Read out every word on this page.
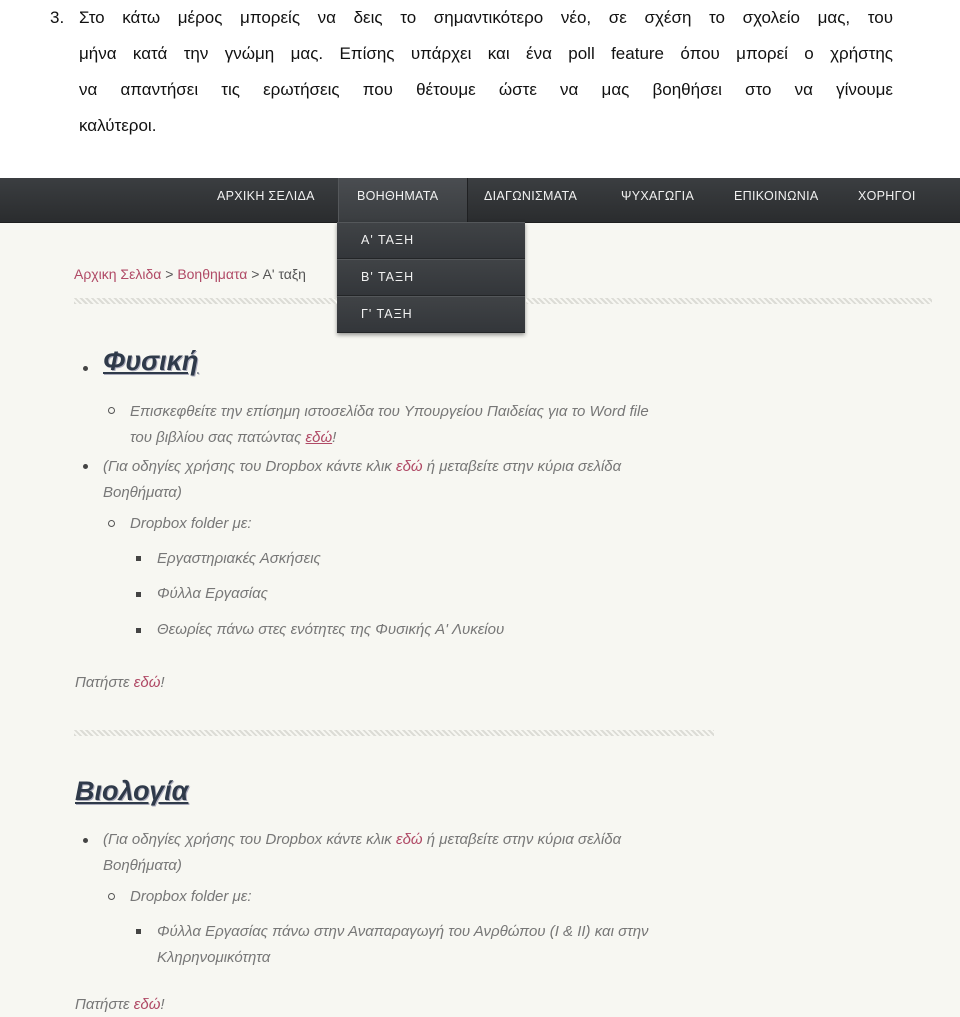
3. Στο κάτω μέρος μπορείς να δεις το σημαντικότερο νέο, σε σχέση το σχολείο μας, του
μήνα κατά την γνώμη μας. Επίσης υπάρχει και ένα poll feature όπου μπορεί ο χρήστης
να απαντήσει τις ερωτήσεις που θέτουμε ώστε να μας βοηθήσει στο να γίνουμε
καλύτεροι.
ΑΡΧΙΚΗ ΣΕΛΙΔΑ	ΒΟΗΘΗΜΑΤΑ	ΔΙΑΓΩΝΙΣΜΑΤΑ	ΨΥΧΑΓΩΓΙΑ	ΕΠΙΚΟΙΝΩΝΙΑ	ΧΟΡΗΓΟΙ
Α' ΤΑΞΗ
Β' ΤΑΞΗ
Γ' ΤΑΞΗ
Αρχικη Σελιδα > Βοηθηματα > Α' ταξη
Φυσική
Επισκεφθείτε την επίσημη ιστοσελίδα του Υπουργείου Παιδείας για το Word file
του βιβλίου σας πατώντας εδώ!
(Για οδηγίες χρήσης του Dropbox κάντε κλικ εδώ ή μεταβείτε στην κύρια σελίδα
Βοηθήματα)
Dropbox folder με:
Εργαστηριακές Ασκήσεις
Φύλλα Εργασίας
Θεωρίες πάνω στες ενότητες της Φυσικής Α' Λυκείου
Πατήστε εδώ!
Βιολογία
(Για οδηγίες χρήσης του Dropbox κάντε κλικ εδώ ή μεταβείτε στην κύρια σελίδα
Βοηθήματα)
Dropbox folder με:
Φύλλα Εργασίας πάνω στην Αναπαραγωγή του Ανρθώπου (I & II) και στην
Κληρηνομικότητα
Πατήστε εδώ!
